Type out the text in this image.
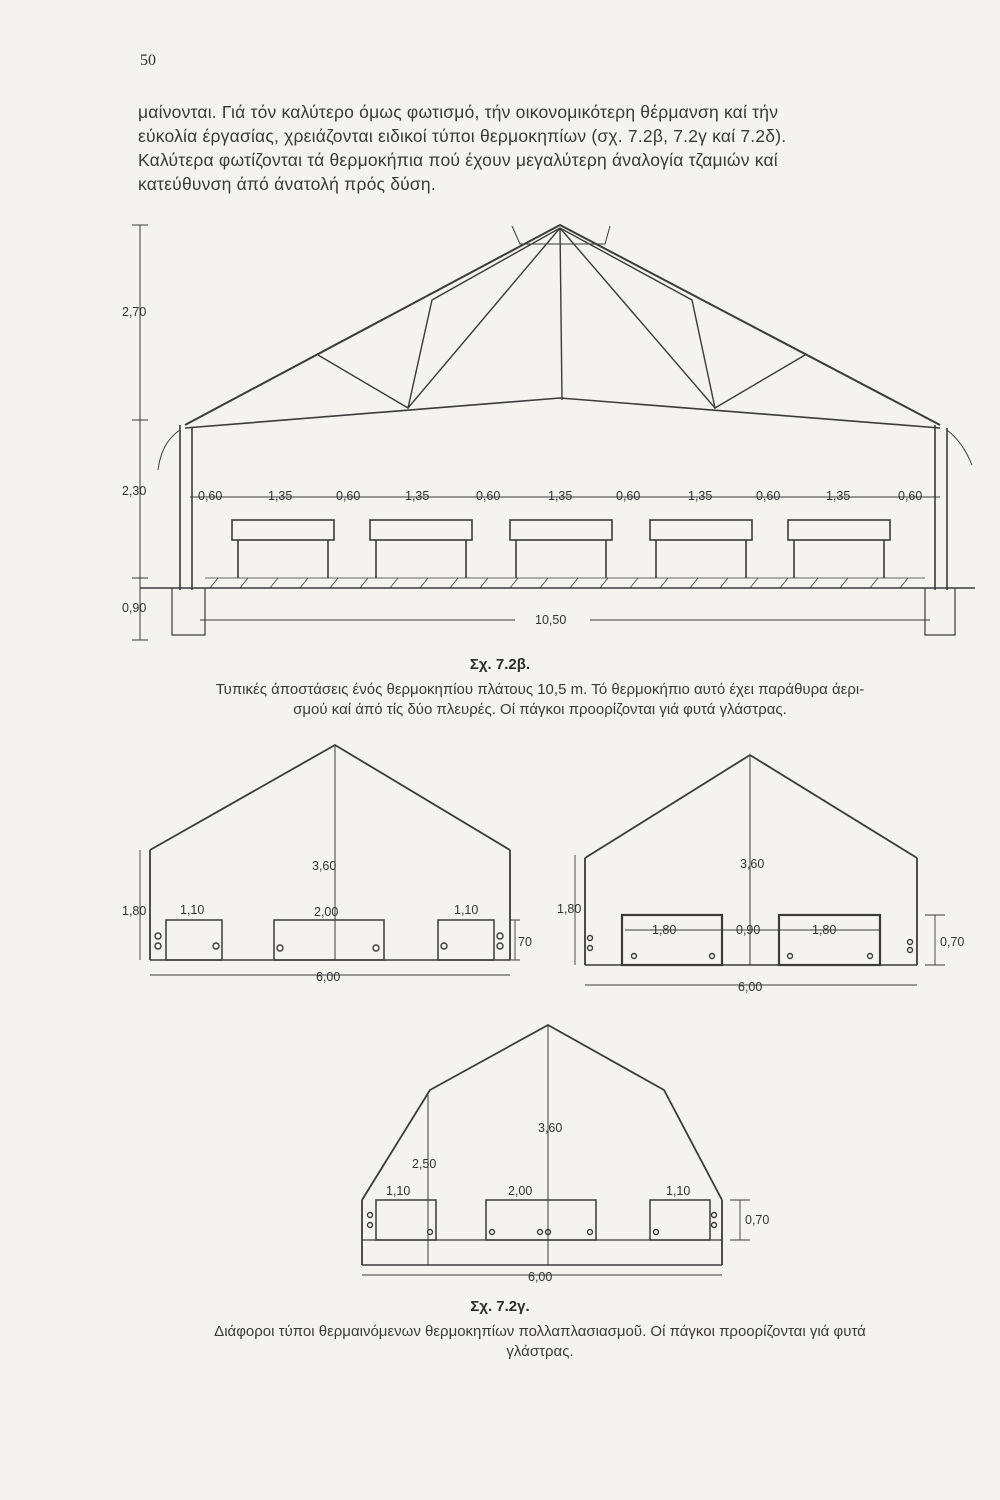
50
μαίνονται. Γιά τόν καλύτερο όμως φωτισμό, τήν οικονομικότερη θέρμανση καί τήν
εύκολία έργασίας, χρειάζονται ειδικοί τύποι θερμοκηπίων (σχ. 7.2β, 7.2γ καί 7.2δ).
Καλύτερα φωτίζονται τά θερμοκήπια πού έχουν μεγαλύτερη άναλογία τζαμιών καί
κατεύθυνση άπό άνατολή πρός δύση.
2,70
2,30
0,90
0,60	1,35	0,60	1,35	0,60	1,35	0,60	1,35	0,60	1,35	0,60
10,50
3,60
1,80	1,10	2,00	1,10
70
6,00
3,60
1,80
1,80	0,90	1,80
0,70
6,00
3,60
2,50
1,10	2,00	1,10
0,70
6,00
Σχ. 7.2β.
Τυπικές άποστάσεις ένός θερμοκηπίου πλάτους 10,5 m. Τό θερμοκήπιο αυτό έχει παράθυρα άερι-
σμού καί άπό τίς δύο πλευρές. Οί πάγκοι προορίζονται γιά φυτά γλάστρας.
Σχ. 7.2γ.
Διάφοροι τύποι θερμαινόμενων θερμοκηπίων πολλαπλασιασμοῦ. Οί πάγκοι προορίζονται γιά φυτά
γλάστρας.
